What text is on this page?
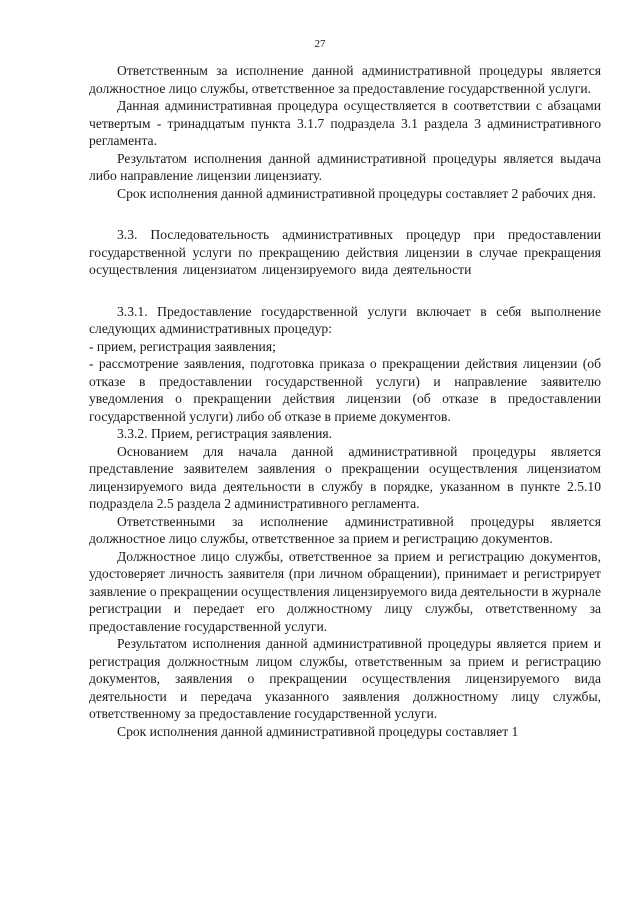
27

Ответственным за исполнение данной административной процедуры является должностное лицо службы, ответственное за предоставление государственной услуги.

Данная административная процедура осуществляется в соответствии с абзацами четвертым - тринадцатым пункта 3.1.7 подраздела 3.1 раздела 3 административного регламента.

Результатом исполнения данной административной процедуры является выдача либо направление лицензии лицензиату.

Срок исполнения данной административной процедуры составляет 2 рабочих дня.

3.3. Последовательность административных процедур при предоставлении государственной услуги по прекращению действия лицензии в случае прекращения осуществления лицензиатом лицензируемого вида деятельности

3.3.1. Предоставление государственной услуги включает в себя выполнение следующих административных процедур:

- прием, регистрация заявления;

- рассмотрение заявления, подготовка приказа о прекращении действия лицензии (об отказе в предоставлении государственной услуги) и направление заявителю уведомления о прекращении действия лицензии (об отказе в предоставлении государственной услуги) либо об отказе в приеме документов.

3.3.2. Прием, регистрация заявления.

Основанием для начала данной административной процедуры является представление заявителем заявления о прекращении осуществления лицензиатом лицензируемого вида деятельности в службу в порядке, указанном в пункте 2.5.10 подраздела 2.5 раздела 2 административного регламента.

Ответственными за исполнение административной процедуры является должностное лицо службы, ответственное за прием и регистрацию документов.

Должностное лицо службы, ответственное за прием и регистрацию документов, удостоверяет личность заявителя (при личном обращении), принимает и регистрирует заявление о прекращении осуществления лицензируемого вида деятельности в журнале регистрации и передает его должностному лицу службы, ответственному за предоставление государственной услуги.

Результатом исполнения данной административной процедуры является прием и регистрация должностным лицом службы, ответственным за прием и регистрацию документов, заявления о прекращении осуществления лицензируемого вида деятельности и передача указанного заявления должностному лицу службы, ответственному за предоставление государственной услуги.

Срок исполнения данной административной процедуры составляет 1
